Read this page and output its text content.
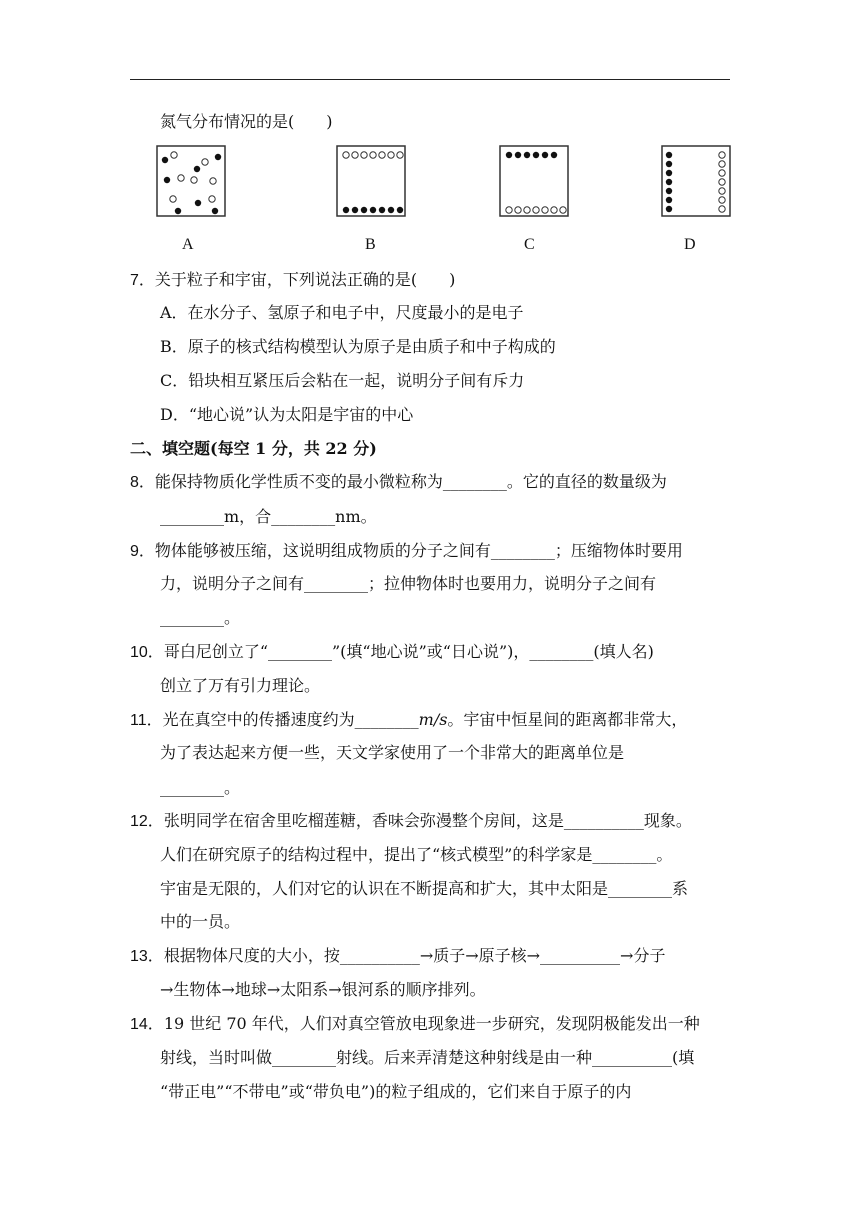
氮气分布情况的是(　　)
A	B	C	D
7．关于粒子和宇宙，下列说法正确的是(　　)
A．在水分子、氢原子和电子中，尺度最小的是电子
B．原子的核式结构模型认为原子是由质子和中子构成的
C．铅块相互紧压后会粘在一起，说明分子间有斥力
D．“地心说”认为太阳是宇宙的中心
二、填空题(每空 1 分，共 22 分)
8．能保持物质化学性质不变的最小微粒称为________。它的直径的数量级为
________m，合________nm。
9．物体能够被压缩，这说明组成物质的分子之间有________；压缩物体时要用
力，说明分子之间有________；拉伸物体时也要用力，说明分子之间有
________。
10．哥白尼创立了“________”(填“地心说”或“日心说”)，________(填人名)
创立了万有引力理论。
11．光在真空中的传播速度约为________m/s。宇宙中恒星间的距离都非常大，
为了表达起来方便一些，天文学家使用了一个非常大的距离单位是
________。
12．张明同学在宿舍里吃榴莲糖，香味会弥漫整个房间，这是__________现象。
人们在研究原子的结构过程中，提出了“核式模型”的科学家是________。
宇宙是无限的，人们对它的认识在不断提高和扩大，其中太阳是________系
中的一员。
13．根据物体尺度的大小，按__________→质子→原子核→__________→分子
→生物体→地球→太阳系→银河系的顺序排列。
14．19 世纪 70 年代，人们对真空管放电现象进一步研究，发现阴极能发出一种
射线，当时叫做________射线。后来弄清楚这种射线是由一种__________(填
“带正电”“不带电”或“带负电”)的粒子组成的，它们来自于原子的内
